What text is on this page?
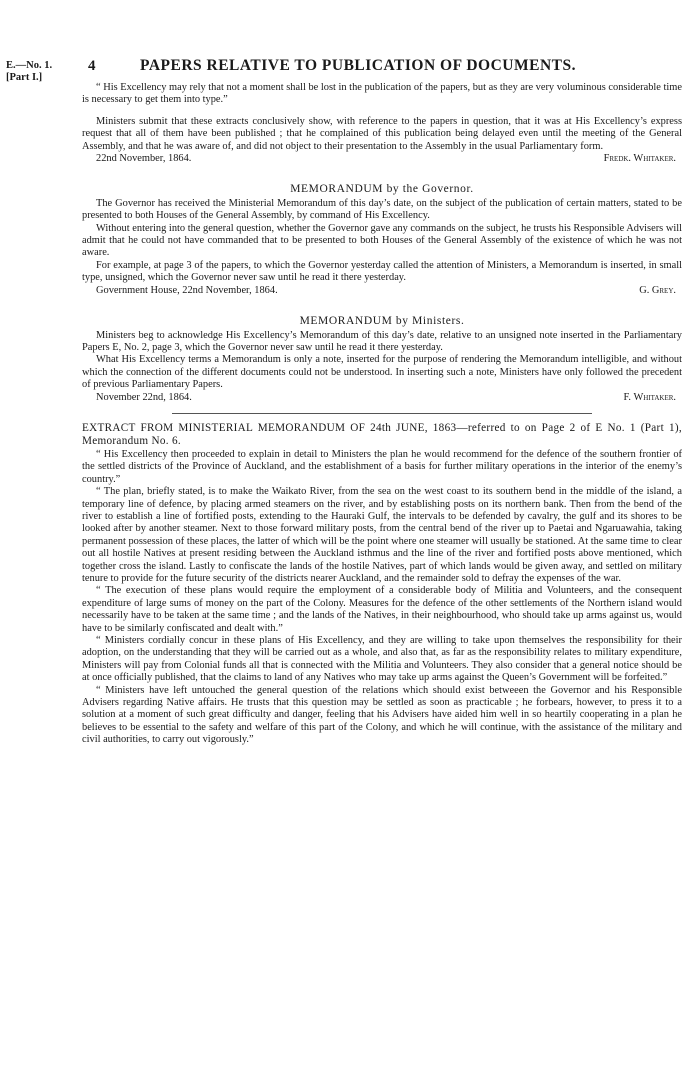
E.—No. 1.
[Part I.]
4	PAPERS RELATIVE TO PUBLICATION OF DOCUMENTS.

“ His Excellency may rely that not a moment shall be lost in the publication of the papers, but as they are very voluminous considerable time is necessary to get them into type.”

Ministers submit that these extracts conclusively show, with reference to the papers in question, that it was at His Excellency’s express request that all of them have been published ; that he complained of this publication being delayed even until the meeting of the General Assembly, and that he was aware of, and did not object to their presentation to the Assembly in the usual Parliamentary form.

22nd November, 1864.	Fredk. Whitaker.

MEMORANDUM by the Governor.

The Governor has received the Ministerial Memorandum of this day’s date, on the subject of the publication of certain matters, stated to be presented to both Houses of the General Assembly, by command of His Excellency.

Without entering into the general question, whether the Governor gave any commands on the subject, he trusts his Responsible Advisers will admit that he could not have commanded that to be presented to both Houses of the General Assembly of the existence of which he was not aware.

For example, at page 3 of the papers, to which the Governor yesterday called the attention of Ministers, a Memorandum is inserted, in small type, unsigned, which the Governor never saw until he read it there yesterday.

Government House, 22nd November, 1864.	G. Grey.

MEMORANDUM by Ministers.

Ministers beg to acknowledge His Excellency’s Memorandum of this day’s date, relative to an unsigned note inserted in the Parliamentary Papers E, No. 2, page 3, which the Governor never saw until he read it there yesterday.

What His Excellency terms a Memorandum is only a note, inserted for the purpose of rendering the Memorandum intelligible, and without which the connection of the different documents could not be understood. In inserting such a note, Ministers have only followed the precedent of previous Parliamentary Papers.

November 22nd, 1864.	F. Whitaker.

EXTRACT FROM MINISTERIAL MEMORANDUM OF 24th JUNE, 1863—referred to on Page 2 of E No. 1 (Part 1), Memorandum No. 6.

“ His Excellency then proceeded to explain in detail to Ministers the plan he would recommend for the defence of the southern frontier of the settled districts of the Province of Auckland, and the establishment of a basis for further military operations in the interior of the enemy’s country.”

“ The plan, briefly stated, is to make the Waikato River, from the sea on the west coast to its southern bend in the middle of the island, a temporary line of defence, by placing armed steamers on the river, and by establishing posts on its northern bank. Then from the bend of the river to establish a line of fortified posts, extending to the Hauraki Gulf, the intervals to be defended by cavalry, the gulf and its shores to be looked after by another steamer. Next to those forward military posts, from the central bend of the river up to Paetai and Ngaruawahia, taking permanent possession of these places, the latter of which will be the point where one steamer will usually be stationed. At the same time to clear out all hostile Natives at present residing between the Auckland isthmus and the line of the river and fortified posts above mentioned, which together cross the island. Lastly to confiscate the lands of the hostile Natives, part of which lands would be given away, and settled on military tenure to provide for the future security of the districts nearer Auckland, and the remainder sold to defray the expenses of the war.

“ The execution of these plans would require the employment of a considerable body of Militia and Volunteers, and the consequent expenditure of large sums of money on the part of the Colony. Measures for the defence of the other settlements of the Northern island would necessarily have to be taken at the same time ; and the lands of the Natives, in their neighbourhood, who should take up arms against us, would have to be similarly confiscated and dealt with.”

“ Ministers cordially concur in these plans of His Excellency, and they are willing to take upon themselves the responsibility for their adoption, on the understanding that they will be carried out as a whole, and also that, as far as the responsibility relates to military expenditure, Ministers will pay from Colonial funds all that is connected with the Militia and Volunteers. They also consider that a general notice should be at once officially published, that the claims to land of any Natives who may take up arms against the Queen’s Government will be forfeited.”

“ Ministers have left untouched the general question of the relations which should exist betweeen the Governor and his Responsible Advisers regarding Native affairs. He trusts that this question may be settled as soon as practicable ; he forbears, however, to press it to a solution at a moment of such great difficulty and danger, feeling that his Advisers have aided him well in so heartily cooperating in a plan he believes to be essential to the safety and welfare of this part of the Colony, and which he will continue, with the assistance of the military and civil authorities, to carry out vigorously.”
